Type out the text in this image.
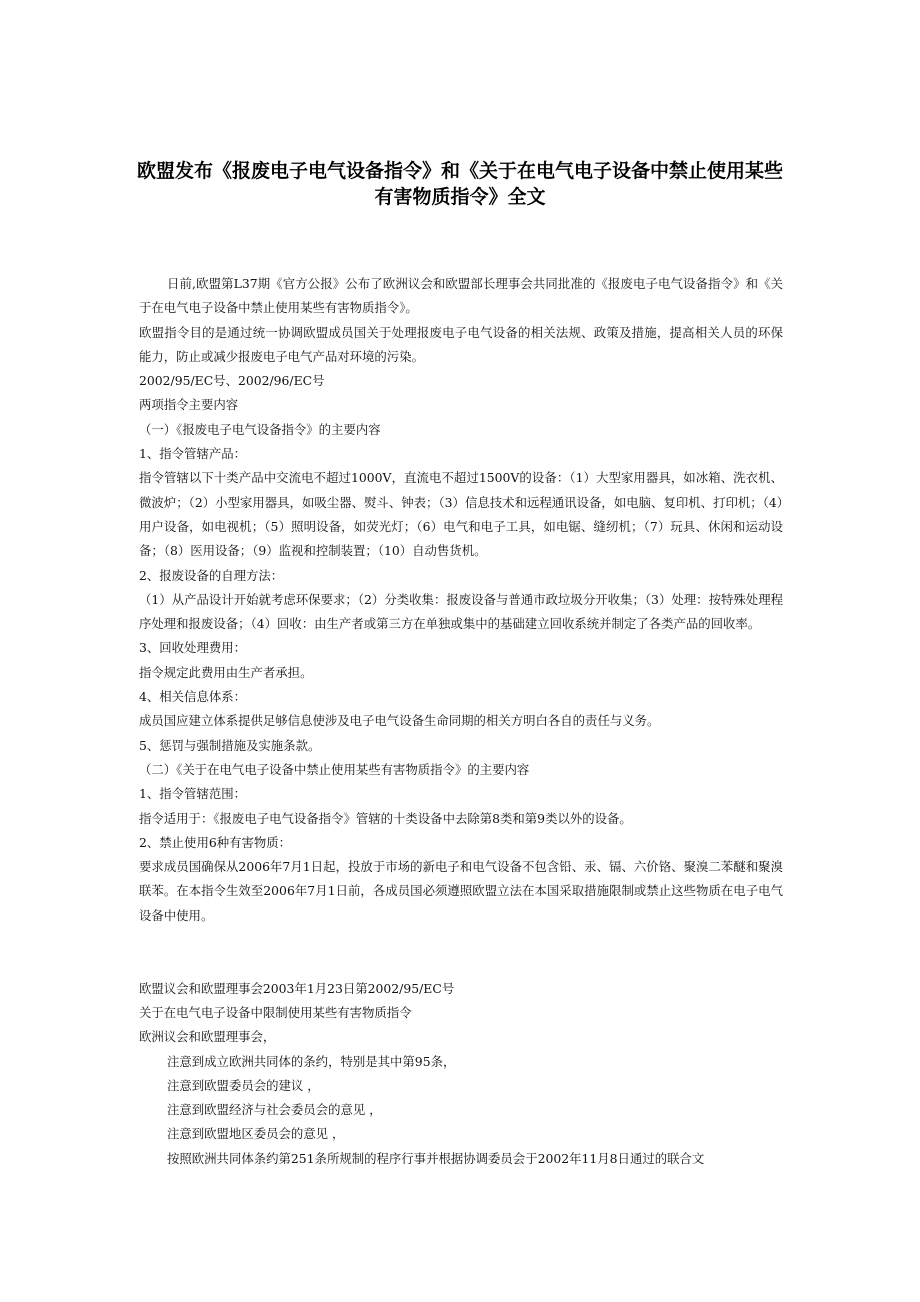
欧盟发布《报废电子电气设备指令》和《关于在电气电子设备中禁止使用某些
有害物质指令》全文

日前,欧盟第L37期《官方公报》公布了欧洲议会和欧盟部长理事会共同批准的《报废电子电气设备指令》和《关于在电气电子设备中禁止使用某些有害物质指令》。

欧盟指令目的是通过统一协调欧盟成员国关于处理报废电子电气设备的相关法规、政策及措施，提高相关人员的环保能力，防止或减少报废电子电气产品对环境的污染。

2002/95/EC号、2002/96/EC号

两项指令主要内容

（一）《报废电子电气设备指令》的主要内容

1、指令管辖产品：

指令管辖以下十类产品中交流电不超过1000V，直流电不超过1500V的设备：（1）大型家用器具，如冰箱、洗衣机、微波炉；（2）小型家用器具，如吸尘器、熨斗、钟表；（3）信息技术和远程通讯设备，如电脑、复印机、打印机；（4）用户设备，如电视机；（5）照明设备，如荧光灯；（6）电气和电子工具，如电锯、缝纫机；（7）玩具、休闲和运动设备；（8）医用设备；（9）监视和控制装置；（10）自动售货机。

2、报废设备的自理方法：

（1）从产品设计开始就考虑环保要求；（2）分类收集：报废设备与普通市政垃圾分开收集；（3）处理：按特殊处理程序处理和报废设备；（4）回收：由生产者或第三方在单独或集中的基础建立回收系统并制定了各类产品的回收率。

3、回收处理费用：

指令规定此费用由生产者承担。

4、相关信息体系：

成员国应建立体系提供足够信息使涉及电子电气设备生命同期的相关方明白各自的责任与义务。

5、惩罚与强制措施及实施条款。

（二）《关于在电气电子设备中禁止使用某些有害物质指令》的主要内容

1、指令管辖范围：

指令适用于：《报废电子电气设备指令》管辖的十类设备中去除第8类和第9类以外的设备。

2、禁止使用6种有害物质：

要求成员国确保从2006年7月1日起，投放于市场的新电子和电气设备不包含铅、汞、镉、六价铬、聚溴二苯醚和聚溴联苯。在本指令生效至2006年7月1日前，各成员国必须遵照欧盟立法在本国采取措施限制或禁止这些物质在电子电气设备中使用。

欧盟议会和欧盟理事会2003年1月23日第2002/95/EC号

关于在电气电子设备中限制使用某些有害物质指令

欧洲议会和欧盟理事会，

注意到成立欧洲共同体的条约，特别是其中第95条，

注意到欧盟委员会的建议 ，

注意到欧盟经济与社会委员会的意见 ，

注意到欧盟地区委员会的意见 ，

按照欧洲共同体条约第251条所规制的程序行事并根据协调委员会于2002年11月8日通过的联合文
